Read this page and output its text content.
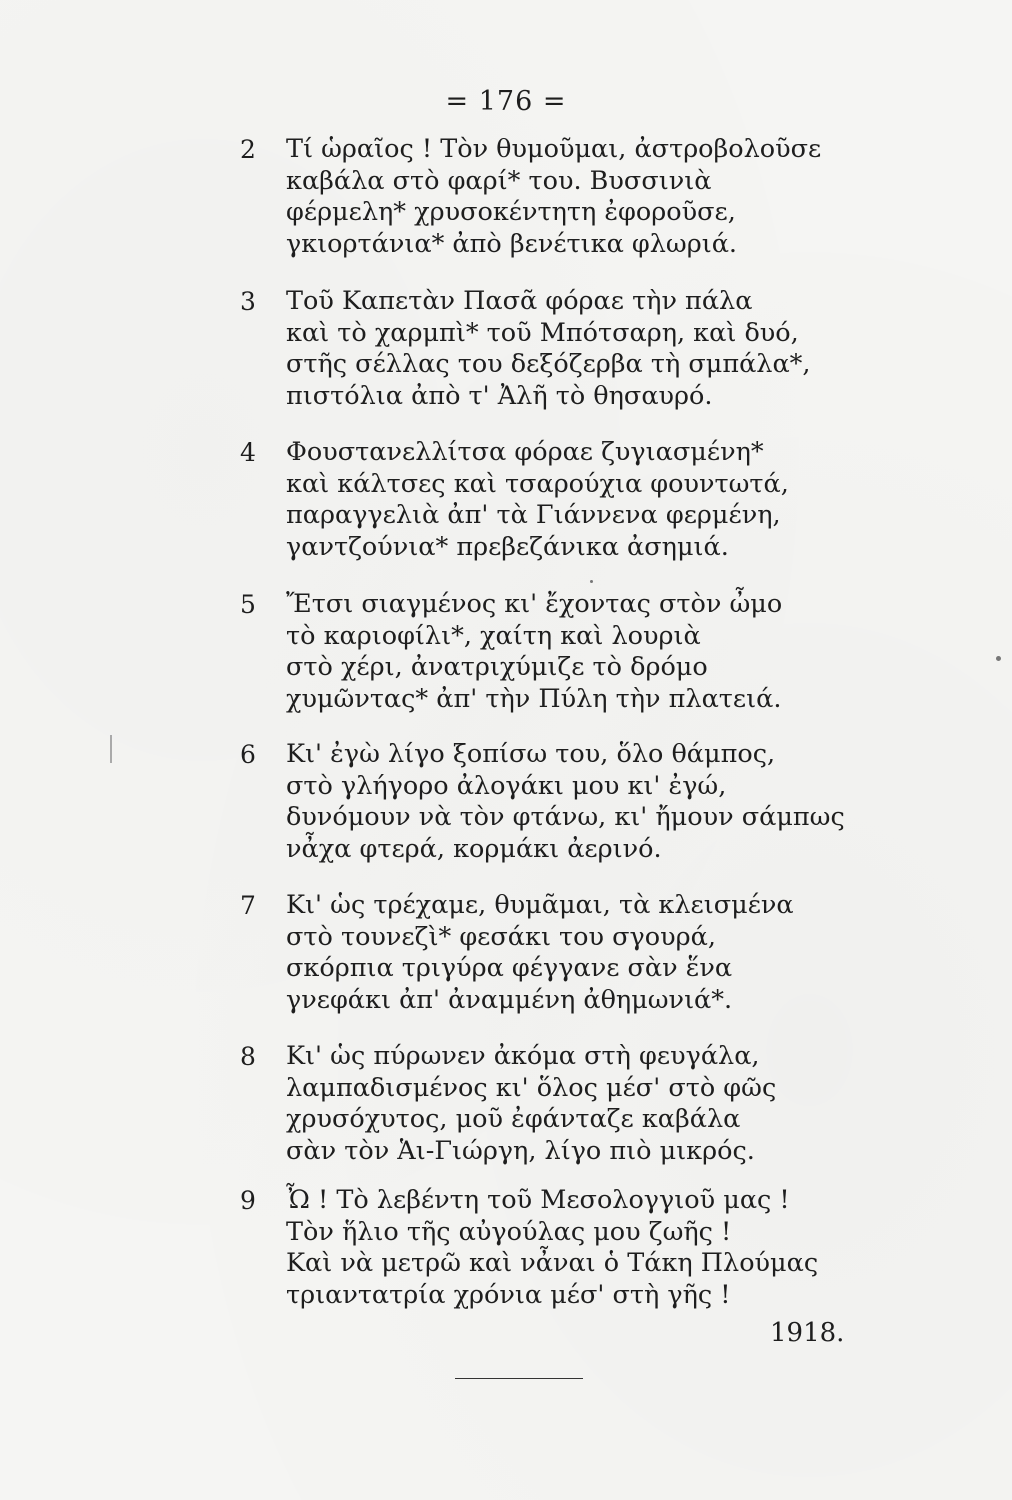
= 176 =
2 Τί ὡραῖος ! Τὸν θυμοῦμαι, ἀστροβολοῦσε
καβάλα στὸ φαρί* του. Βυσσινιὰ
φέρμελη* χρυσοκέντητη ἐφοροῦσε,
γκιορτάνια* ἀπὸ βενέτικα φλωριά.
3 Τοῦ Καπετὰν Πασᾶ φόραε τὴν πάλα
καὶ τὸ χαρμπὶ* τοῦ Μπότσαρη, καὶ δυό,
στῆς σέλλας του δεξόζερβα τὴ σμπάλα*,
πιστόλια ἀπὸ τ' Ἀλῆ τὸ θησαυρό.
4 Φουστανελλίτσα φόραε ζυγιασμένη*
καὶ κάλτσες καὶ τσαρούχια φουντωτά,
παραγγελιὰ ἀπ' τὰ Γιάννενα φερμένη,
γαντζούνια* πρεβεζάνικα ἀσημιά.
5 Ἔτσι σιαγμένος κι' ἔχοντας στὸν ὦμο
τὸ καριοφίλι*, χαίτη καὶ λουριὰ
στὸ χέρι, ἀνατριχύμιζε τὸ δρόμο
χυμῶντας* ἀπ' τὴν Πύλη τὴν πλατειά.
6 Κι' ἐγὼ λίγο ξοπίσω του, ὅλο θάμπος,
στὸ γλήγορο ἀλογάκι μου κι' ἐγώ,
δυνόμουν νὰ τὸν φτάνω, κι' ἤμουν σάμπως
νἆχα φτερά, κορμάκι ἀερινό.
7 Κι' ὡς τρέχαμε, θυμᾶμαι, τὰ κλεισμένα
στὸ τουνεζὶ* φεσάκι του σγουρά,
σκόρπια τριγύρα φέγγανε σὰν ἕνα
γνεφάκι ἀπ' ἀναμμένη ἀθημωνιά*.
8 Κι' ὡς πύρωνεν ἀκόμα στὴ φευγάλα,
λαμπαδισμένος κι' ὅλος μέσ' στὸ φῶς
χρυσόχυτος, μοῦ ἐφάνταζε καβάλα
σὰν τὸν Ἁι-Γιώργη, λίγο πιὸ μικρός.
9 Ὦ ! Τὸ λεβέντη τοῦ Μεσολογγιοῦ μας !
Τὸν ἥλιο τῆς αὐγούλας μου ζωῆς !
Καὶ νὰ μετρῶ καὶ νἆναι ὁ Τάκη Πλούμας
τριαντατρία χρόνια μέσ' στὴ γῆς !
1918.
